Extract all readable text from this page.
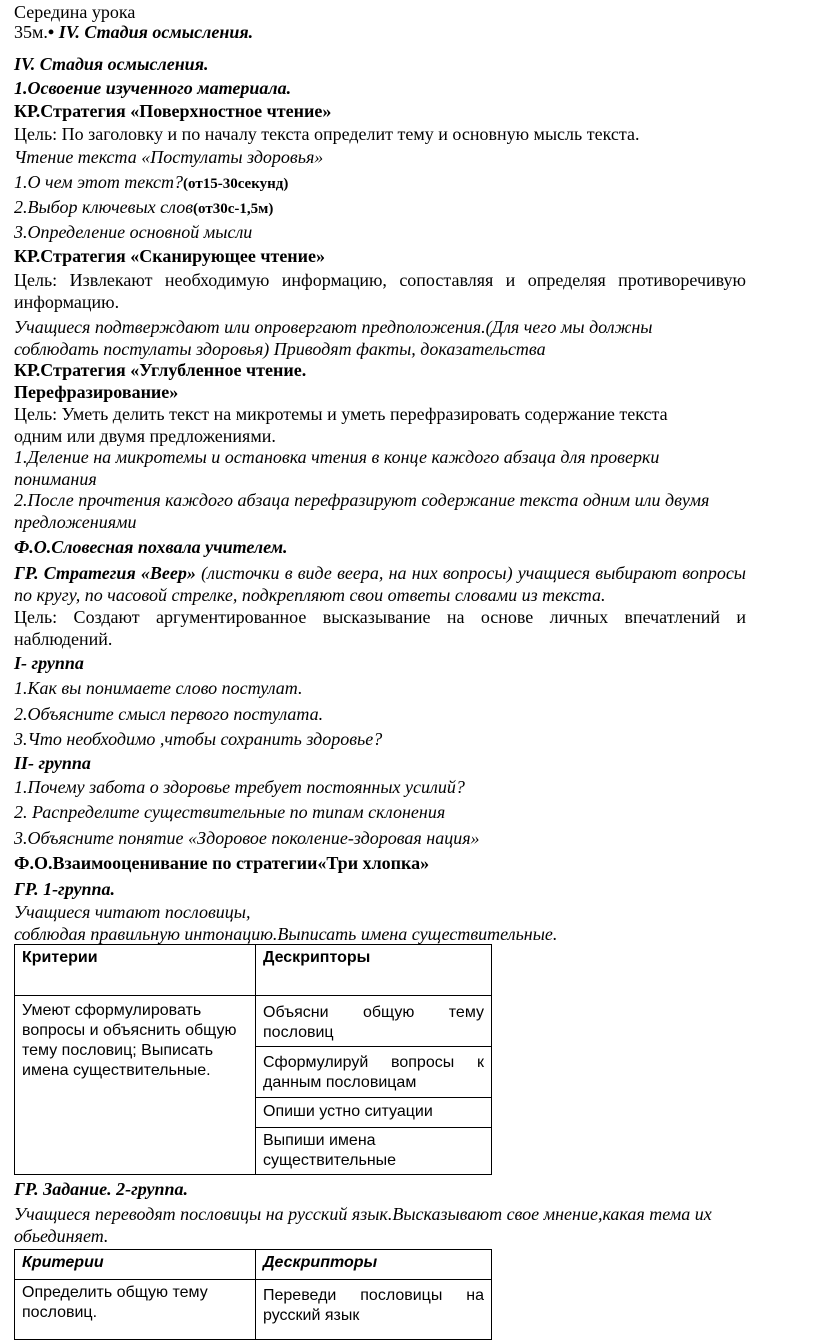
Середина урока
35м.• IV. Стадия осмысления.
IV. Стадия осмысления.
1.Освоение изученного материала.
КР.Стратегия «Поверхностное чтение»
Цель: По заголовку и по началу текста определит тему и основную мысль текста.
Чтение текста «Постулаты здоровья»
1.О чем этот текст?(от15-30секунд)
2.Выбор ключевых слов(от30с-1,5м)
3.Определение основной мысли
КР.Стратегия «Сканирующее чтение»
Цель: Извлекают необходимую информацию, сопоставляя и определяя противоречивую информацию.
Учащиеся подтверждают или опровергают предположения.(Для чего мы должны соблюдать постулаты здоровья) Приводят факты, доказательства
КР.Стратегия «Углубленное чтение.
Перефразирование»
Цель: Уметь делить текст на микротемы и уметь перефразировать содержание текста одним или двумя предложениями.
1.Деление на микротемы и остановка чтения в конце каждого абзаца для проверки понимания
2.После прочтения каждого абзаца перефразируют содержание текста одним или двумя предложениями
Ф.О.Словесная похвала учителем.
ГР. Стратегия «Веер» (листочки в виде веера, на них вопросы) учащиеся выбирают вопросы по кругу, по часовой стрелке, подкрепляют свои ответы словами из текста.
Цель: Создают аргументированное высказывание на основе личных впечатлений и наблюдений.
I- группа
1.Как вы понимаете слово постулат.
2.Объясните смысл первого постулата.
3.Что необходимо ,чтобы сохранить здоровье?
II- группа
1.Почему забота о здоровье требует постоянных усилий?
2. Распределите существительные по типам склонения
3.Объясните понятие «Здоровое поколение-здоровая нация»
Ф.О.Взаимооценивание по стратегии«Три хлопка»
ГР. 1-группа.
Учащиеся читают пословицы,
соблюдая правильную интонацию.Выписать имена существительные.
Критерии	Дескрипторы
Умеют сформулировать вопросы и объяснить общую тему пословиц; Выписать имена существительные.	Объясни общую тему пословиц
	Сформулируй вопросы к данным пословицам
	Опиши устно ситуации
	Выпиши имена существительные
ГР. Задание. 2-группа.
Учащиеся переводят пословицы на русский язык.Высказывают свое мнение,какая тема их обьединяет.
Критерии	Дескрипторы
Определить общую тему пословиц.	Переведи пословицы на русский язык
